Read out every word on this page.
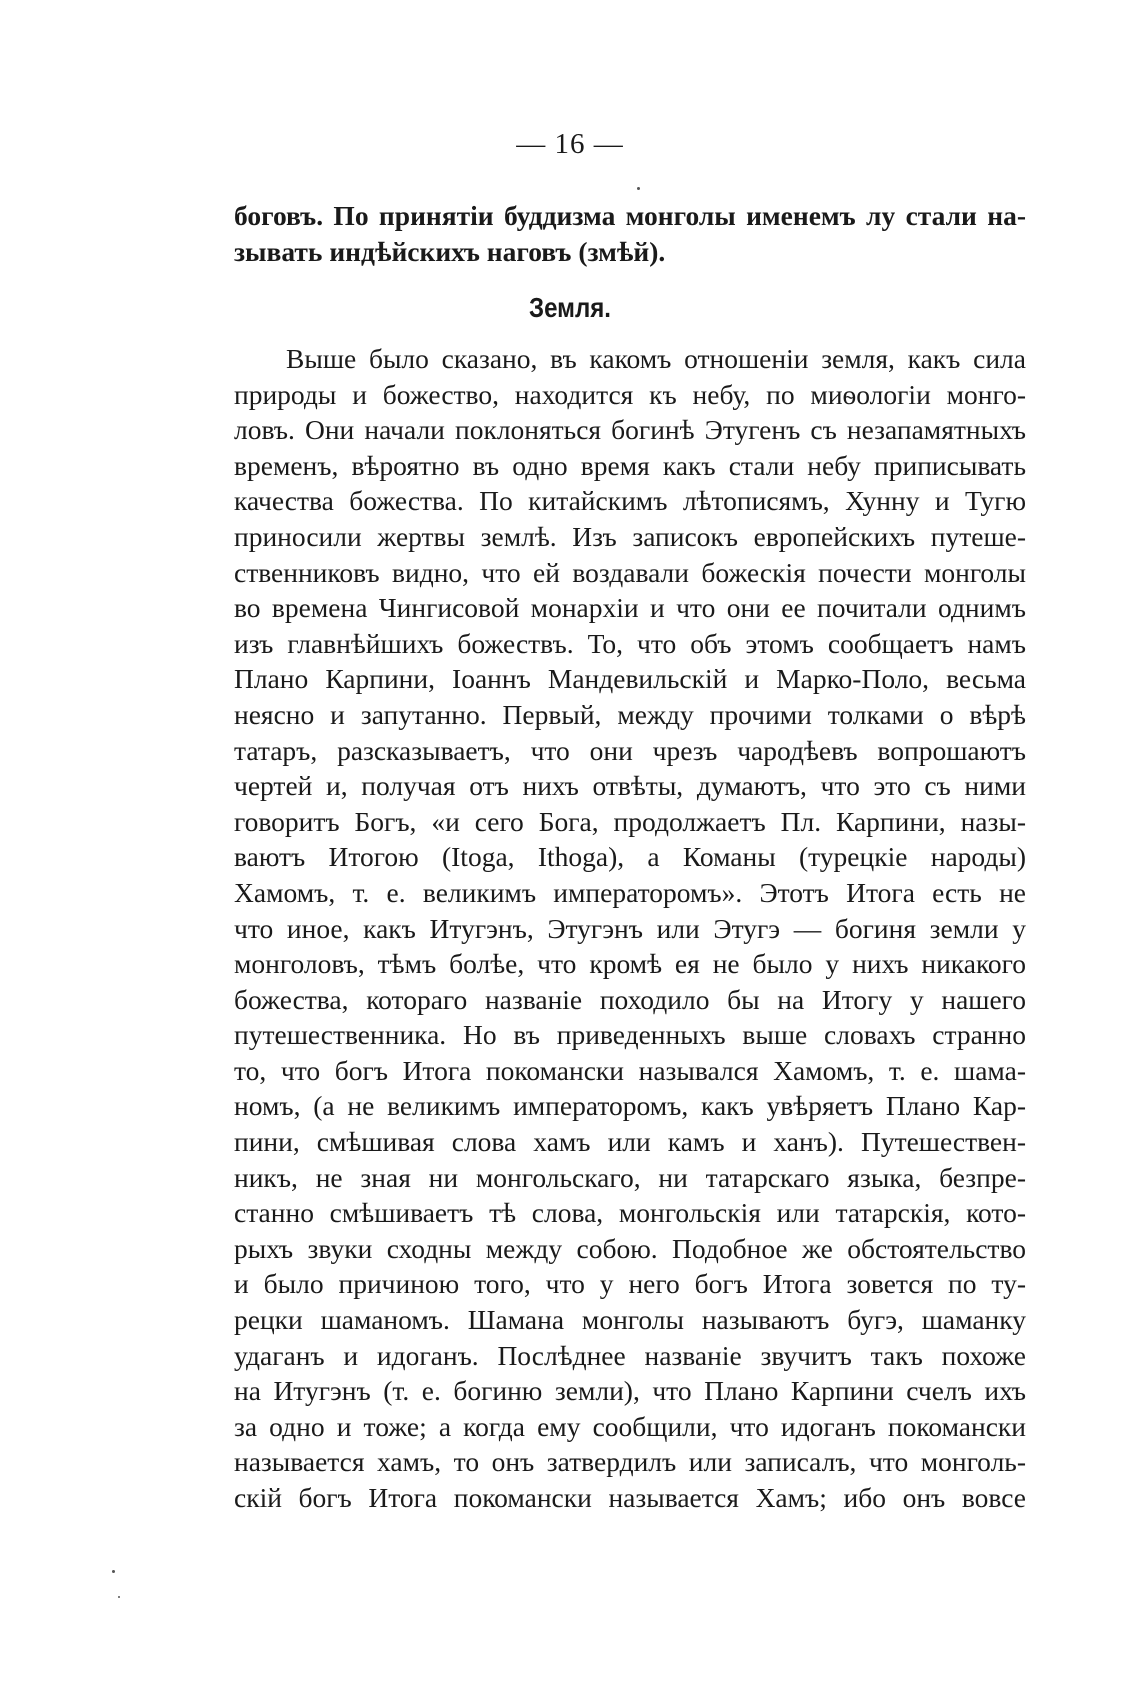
— 16 —
боговъ. По принятіи буддизма монголы именемъ лу стали на-
зывать индѣйскихъ наговъ (змѣй).
Земля.
Выше было сказано, въ какомъ отношеніи земля, какъ сила
природы и божество, находится къ небу, по миѳологіи монго-
ловъ. Они начали поклоняться богинѣ Этугенъ съ незапамятныхъ
временъ, вѣроятно въ одно время какъ стали небу приписывать
качества божества. По китайскимъ лѣтописямъ, Хунну и Тугю
приносили жертвы землѣ. Изъ записокъ европейскихъ путеше-
ственниковъ видно, что ей воздавали божескія почести монголы
во времена Чингисовой монархіи и что они ее почитали однимъ
изъ главнѣйшихъ божествъ. То, что объ этомъ сообщаетъ намъ
Плано Карпини, Іоаннъ Мандевильскій и Марко-Поло, весьма
неясно и запутанно. Первый, между прочими толками о вѣрѣ
татаръ, разсказываетъ, что они чрезъ чародѣевъ вопрошаютъ
чертей и, получая отъ нихъ отвѣты, думаютъ, что это съ ними
говоритъ Богъ, «и сего Бога, продолжаетъ Пл. Карпини, назы-
ваютъ Итогою (Itoga, Ithoga), а Команы (турецкіе народы)
Хамомъ, т. е. великимъ императоромъ». Этотъ Итога есть не
что иное, какъ Итугэнъ, Этугэнъ или Этугэ — богиня земли у
монголовъ, тѣмъ болѣе, что кромѣ ея не было у нихъ никакого
божества, котораго названіе походило бы на Итогу у нашего
путешественника. Но въ приведенныхъ выше словахъ странно
то, что богъ Итога покомански назывался Хамомъ, т. е. шама-
номъ, (а не великимъ императоромъ, какъ увѣряетъ Плано Кар-
пини, смѣшивая слова хамъ или камъ и ханъ). Путешествен-
никъ, не зная ни монгольскаго, ни татарскаго языка, безпре-
станно смѣшиваетъ тѣ слова, монгольскія или татарскія, кото-
рыхъ звуки сходны между собою. Подобное же обстоятельство
и было причиною того, что у него богъ Итога зовется по ту-
рецки шаманомъ. Шамана монголы называютъ бугэ, шаманку
удаганъ и идоганъ. Послѣднее названіе звучитъ такъ похоже
на Итугэнъ (т. е. богиню земли), что Плано Карпини счелъ ихъ
за одно и тоже; а когда ему сообщили, что идоганъ покомански
называется хамъ, то онъ затвердилъ или записалъ, что монголь-
скій богъ Итога покомански называется Хамъ; ибо онъ вовсе
